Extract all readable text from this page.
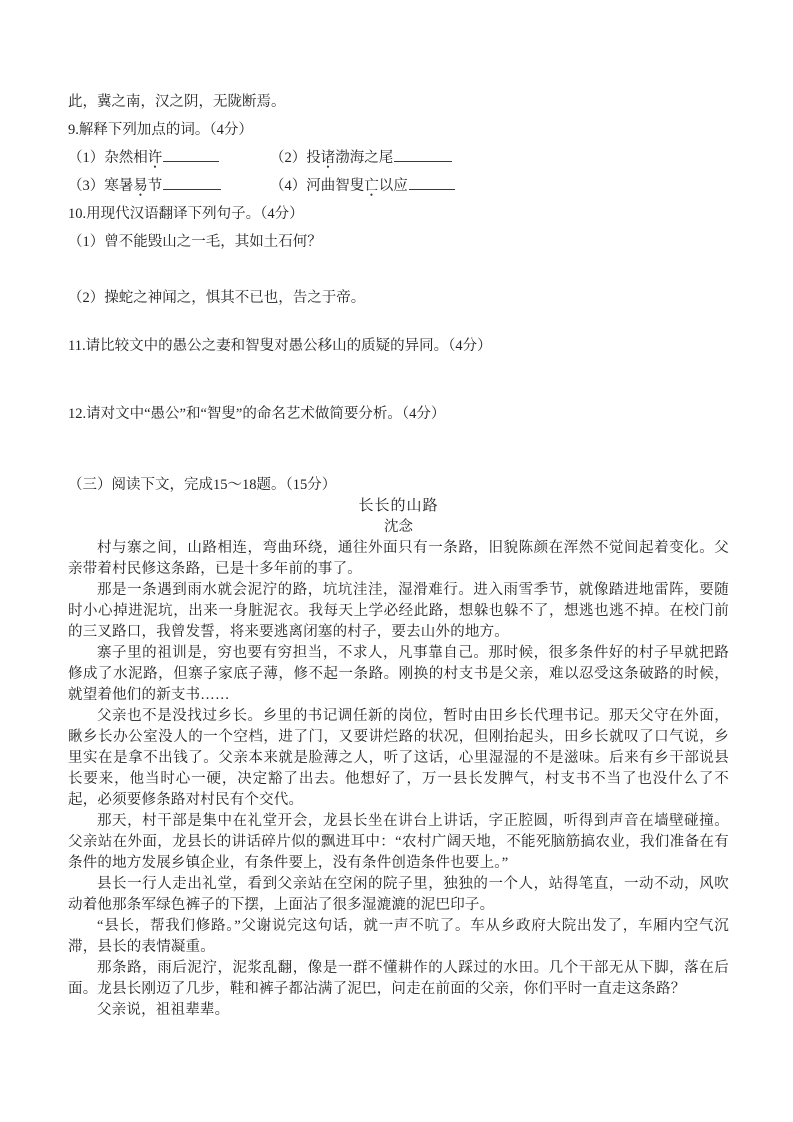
此，冀之南，汉之阴，无陇断焉。
9.解释下列加点的词。（4分）
（1）杂然相许	（2）投诸渤海之尾
（3）寒暑易节	（4）河曲智叟亡以应
10.用现代汉语翻译下列句子。（4分）
（1）曾不能毁山之一毛，其如土石何？
（2）操蛇之神闻之，惧其不已也，告之于帝。
11.请比较文中的愚公之妻和智叟对愚公移山的质疑的异同。（4分）
12.请对文中“愚公”和“智叟”的命名艺术做简要分析。（4分）
（三）阅读下文，完成15～18题。（15分）
长长的山路
沈念

村与寨之间，山路相连，弯曲环绕，通往外面只有一条路，旧貌陈颜在浑然不觉间起着变化。父亲带着村民修这条路，已是十多年前的事了。

那是一条遇到雨水就会泥泞的路，坑坑洼洼，湿滑难行。进入雨雪季节，就像踏进地雷阵，要随时小心掉进泥坑，出来一身脏泥衣。我每天上学必经此路，想躲也躲不了，想逃也逃不掉。在校门前的三叉路口，我曾发誓，将来要逃离闭塞的村子，要去山外的地方。

寨子里的祖训是，穷也要有穷担当，不求人，凡事靠自己。那时候，很多条件好的村子早就把路修成了水泥路，但寨子家底子薄，修不起一条路。刚换的村支书是父亲，难以忍受这条破路的时候，就望着他们的新支书……

父亲也不是没找过乡长。乡里的书记调任新的岗位，暂时由田乡长代理书记。那天父守在外面，瞅乡长办公室没人的一个空档，进了门，又要讲烂路的状况，但刚抬起头，田乡长就叹了口气说，乡里实在是拿不出钱了。父亲本来就是脸薄之人，听了这话，心里湿湿的不是滋味。后来有乡干部说县长要来，他当时心一硬，决定豁了出去。他想好了，万一县长发脾气，村支书不当了也没什么了不起，必须要修条路对村民有个交代。

那天，村干部是集中在礼堂开会，龙县长坐在讲台上讲话，字正腔圆，听得到声音在墙壁碰撞。父亲站在外面，龙县长的讲话碎片似的飘进耳中：“农村广阔天地，不能死脑筋搞农业，我们准备在有条件的地方发展乡镇企业，有条件要上，没有条件创造条件也要上。”

县长一行人走出礼堂，看到父亲站在空闲的院子里，独独的一个人，站得笔直，一动不动，风吹动着他那条军绿色裤子的下摆，上面沾了很多湿漉漉的泥巴印子。

“县长，帮我们修路。”父谢说完这句话，就一声不吭了。车从乡政府大院出发了，车厢内空气沉滞，县长的表情凝重。

那条路，雨后泥泞，泥浆乱翻，像是一群不懂耕作的人踩过的水田。几个干部无从下脚，落在后面。龙县长刚迈了几步，鞋和裤子都沾满了泥巴，问走在前面的父亲，你们平时一直走这条路？

父亲说，祖祖辈辈。
